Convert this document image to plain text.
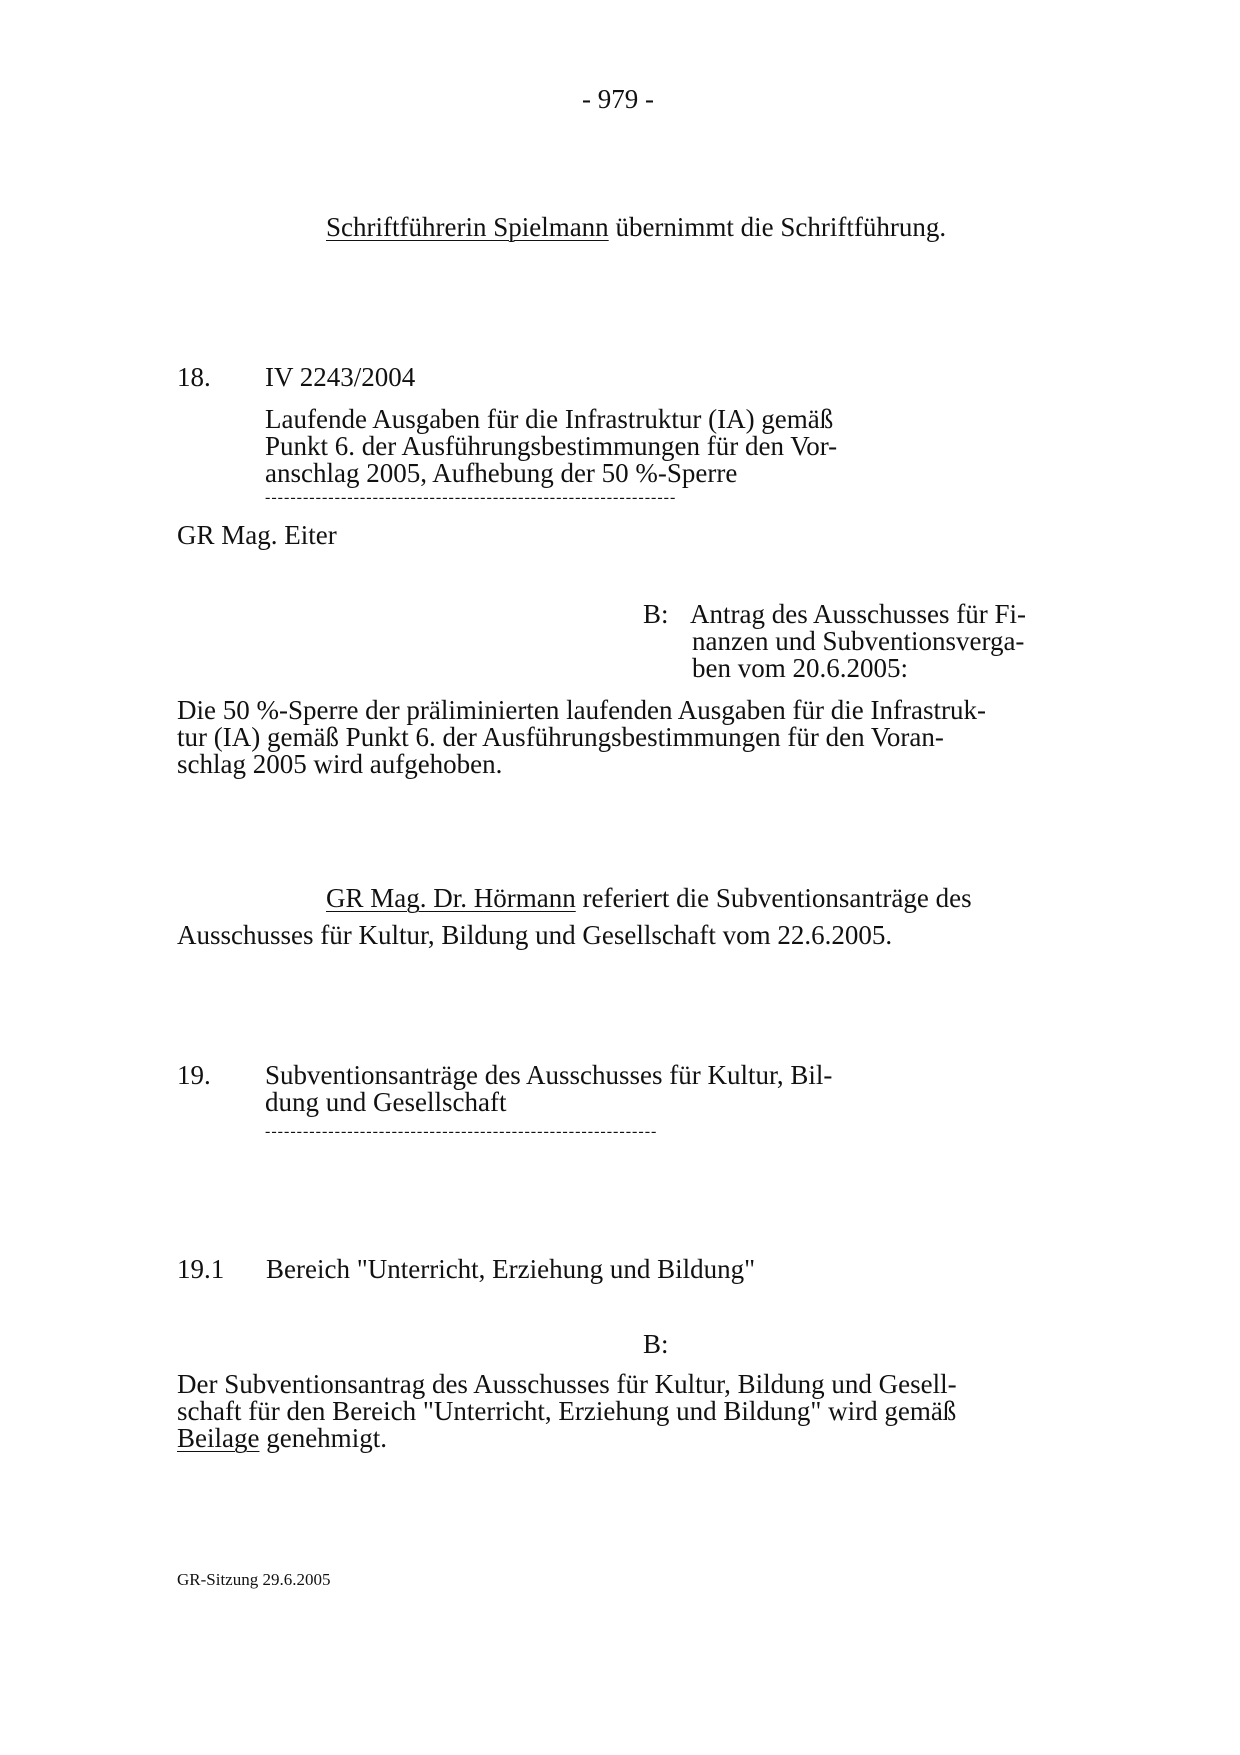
- 979 -
Schriftführerin Spielmann übernimmt die Schriftführung.
18. IV 2243/2004
Laufende Ausgaben für die Infrastruktur (IA) gemäß
Punkt 6. der Ausführungsbestimmungen für den Vor-
anschlag 2005, Aufhebung der 50 %-Sperre
-----------------------------------------------------------------
GR Mag. Eiter
B: Antrag des Ausschusses für Fi-
nanzen und Subventionsverga-
ben vom 20.6.2005:
Die 50 %-Sperre der präliminierten laufenden Ausgaben für die Infrastruk-
tur (IA) gemäß Punkt 6. der Ausführungsbestimmungen für den Voran-
schlag 2005 wird aufgehoben.
GR Mag. Dr. Hörmann referiert die Subventionsanträge des
Ausschusses für Kultur, Bildung und Gesellschaft vom 22.6.2005.
19. Subventionsanträge des Ausschusses für Kultur, Bil-
dung und Gesellschaft
--------------------------------------------------------------
19.1 Bereich "Unterricht, Erziehung und Bildung"
B:
Der Subventionsantrag des Ausschusses für Kultur, Bildung und Gesell-
schaft für den Bereich "Unterricht, Erziehung und Bildung" wird gemäß
Beilage genehmigt.
GR-Sitzung 29.6.2005
